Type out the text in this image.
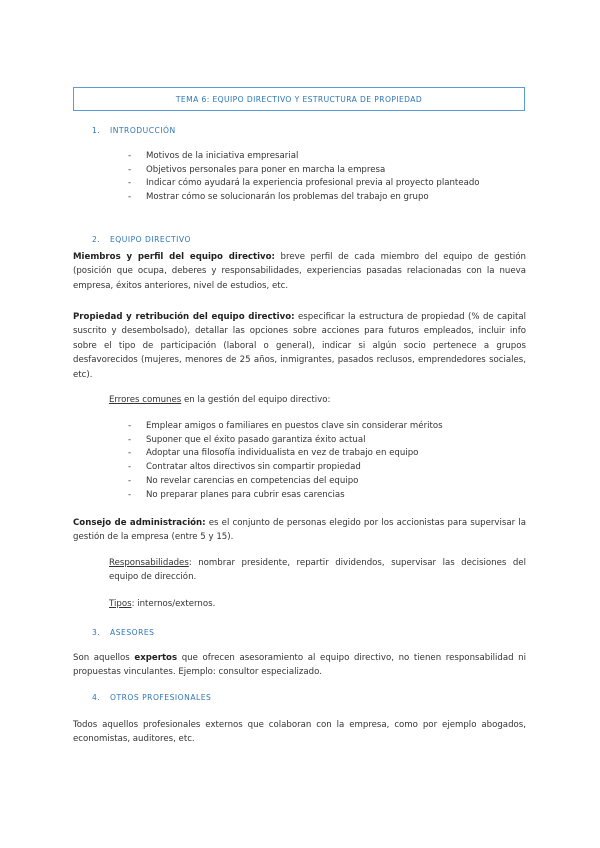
TEMA 6: EQUIPO DIRECTIVO Y ESTRUCTURA DE PROPIEDAD
1. INTRODUCCIÓN
- Motivos de la iniciativa empresarial
- Objetivos personales para poner en marcha la empresa
- Indicar cómo ayudará la experiencia profesional previa al proyecto planteado
- Mostrar cómo se solucionarán los problemas del trabajo en grupo
2. EQUIPO DIRECTIVO
Miembros y perfil del equipo directivo: breve perfil de cada miembro del equipo de gestión (posición que ocupa, deberes y responsabilidades, experiencias pasadas relacionadas con la nueva empresa, éxitos anteriores, nivel de estudios, etc.
Propiedad y retribución del equipo directivo: especificar la estructura de propiedad (% de capital suscrito y desembolsado), detallar las opciones sobre acciones para futuros empleados, incluir info sobre el tipo de participación (laboral o general), indicar si algún socio pertenece a grupos desfavorecidos (mujeres, menores de 25 años, inmigrantes, pasados reclusos, emprendedores sociales, etc).
Errores comunes en la gestión del equipo directivo:
- Emplear amigos o familiares en puestos clave sin considerar méritos
- Suponer que el éxito pasado garantiza éxito actual
- Adoptar una filosofía individualista en vez de trabajo en equipo
- Contratar altos directivos sin compartir propiedad
- No revelar carencias en competencias del equipo
- No preparar planes para cubrir esas carencias
Consejo de administración: es el conjunto de personas elegido por los accionistas para supervisar la gestión de la empresa (entre 5 y 15).
Responsabilidades: nombrar presidente, repartir dividendos, supervisar las decisiones del equipo de dirección.
Tipos: internos/externos.
3. ASESORES
Son aquellos expertos que ofrecen asesoramiento al equipo directivo, no tienen responsabilidad ni propuestas vinculantes. Ejemplo: consultor especializado.
4. OTROS PROFESIONALES
Todos aquellos profesionales externos que colaboran con la empresa, como por ejemplo abogados, economistas, auditores, etc.
